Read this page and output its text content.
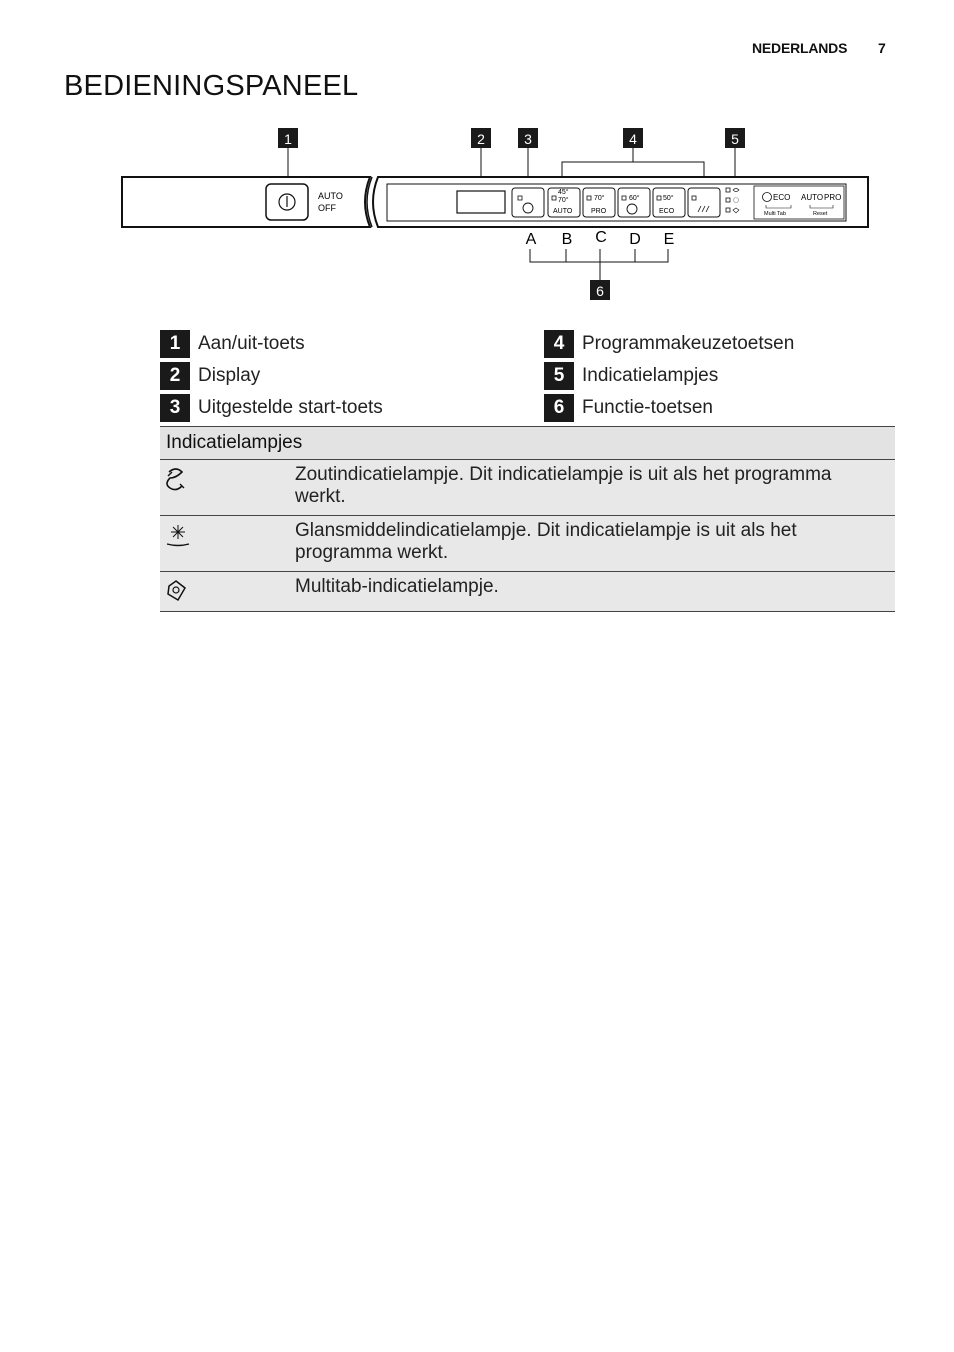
NEDERLANDS 7
BEDIENINGSPANEEL
1	2	3	4	5
AUTO
OFF
45°
70°
AUTO
70°
PRO
60°	50°
ECO
ECO
Multi Tab
AUTO PRO
Reset
A B C D E
6
1 Aan/uit-toets
2 Display
3 Uitgestelde start-toets
4 Programmakeuzetoetsen
5 Indicatielampjes
6 Functie-toetsen
Indicatielampjes
Zoutindicatielampje. Dit indicatielampje is uit als het programma werkt.
Glansmiddelindicatielampje. Dit indicatielampje is uit als het programma werkt.
Multitab-indicatielampje.
